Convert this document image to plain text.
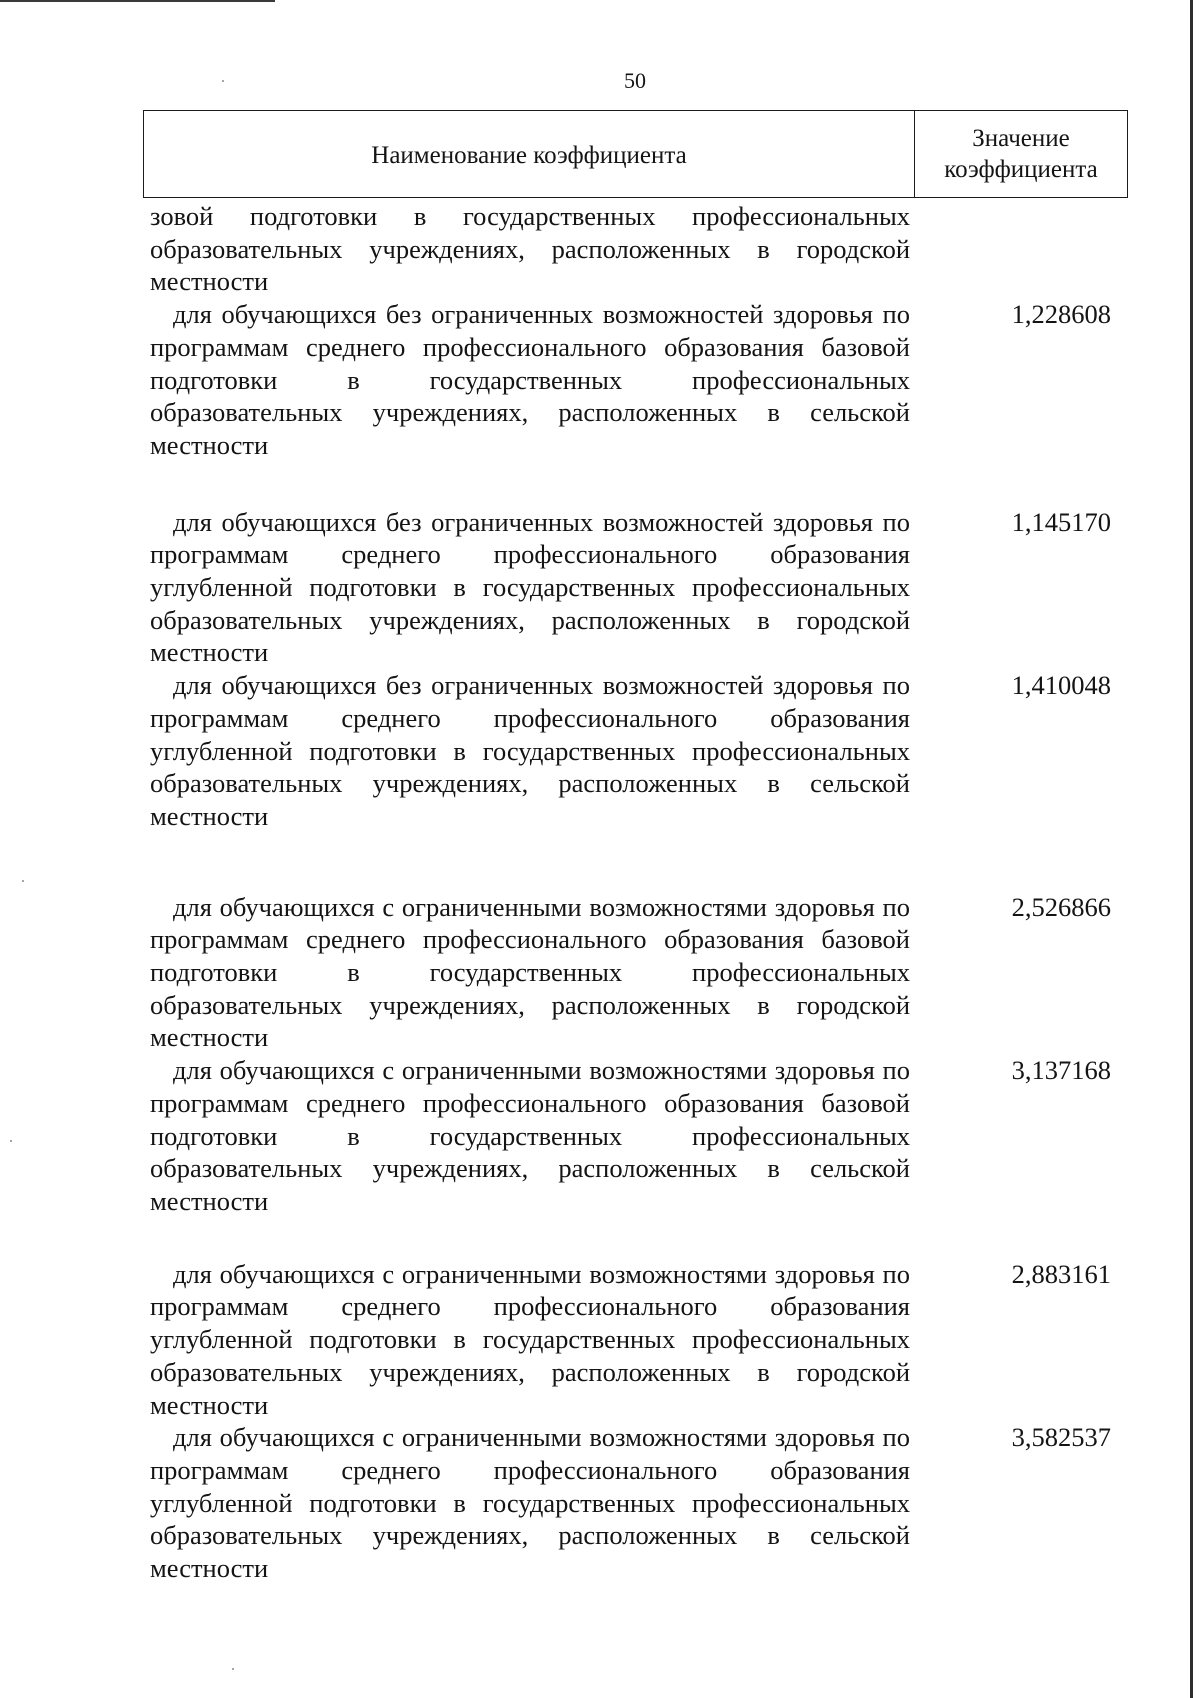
50
Наименование коэффициента
Значение
коэффициента
зовой подготовки в государственных профессиональных образовательных учреждениях, расположенных в городской местности
для обучающихся без ограниченных возможностей здоровья по программам среднего профессионального образования базовой подготовки в государственных профессиональных образовательных учреждениях, расположенных в сельской местности
1,228608
для обучающихся без ограниченных возможностей здоровья по программам среднего профессионального образования углубленной подготовки в государственных профессиональных образовательных учреждениях, расположенных в городской местности
1,145170
для обучающихся без ограниченных возможностей здоровья по программам среднего профессионального образования углубленной подготовки в государственных профессиональных образовательных учреждениях, расположенных в сельской местности
1,410048
для обучающихся с ограниченными возможностями здоровья по программам среднего профессионального образования базовой подготовки в государственных профессиональных образовательных учреждениях, расположенных в городской местности
2,526866
для обучающихся с ограниченными возможностями здоровья по программам среднего профессионального образования базовой подготовки в государственных профессиональных образовательных учреждениях, расположенных в сельской местности
3,137168
для обучающихся с ограниченными возможностями здоровья по программам среднего профессионального образования углубленной подготовки в государственных профессиональных образовательных учреждениях, расположенных в городской местности
2,883161
для обучающихся с ограниченными возможностями здоровья по программам среднего профессионального образования углубленной подготовки в государственных профессиональных образовательных учреждениях, расположенных в сельской местности
3,582537
